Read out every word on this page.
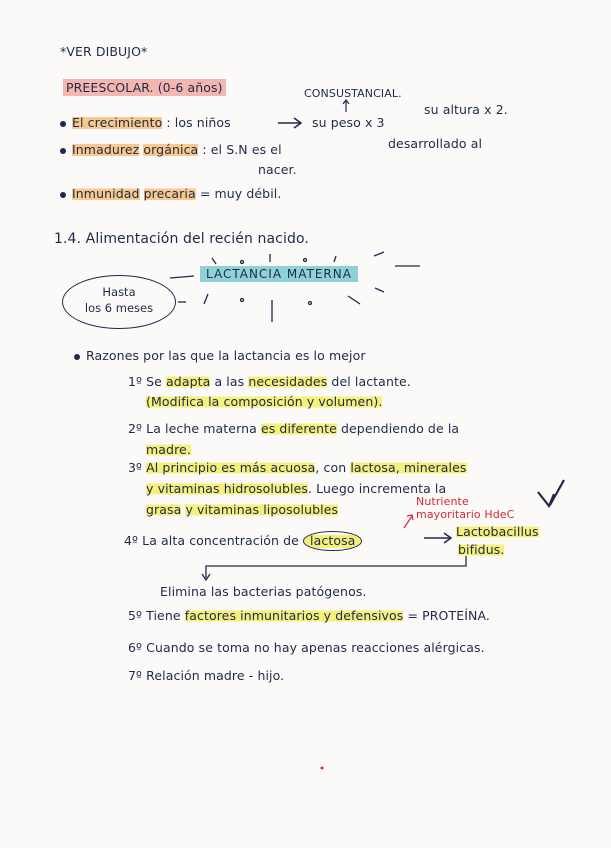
*VER DIBUJO*
PREESCOLAR. (0-6 años)	CONSUSTANCIAL.
El crecimiento : los niños	su peso x 3
su altura x 2.
Inmadurez orgánica : el S.N es el	desarrollado al
nacer.
Inmunidad precaria = muy débil.
1.4. Alimentación del recién nacido.
LACTANCIA MATERNA
Hasta
los 6 meses
Razones por las que la lactancia es lo mejor
1º Se adapta a las necesidades del lactante.
(Modifica la composición y volumen).
2º La leche materna es diferente dependiendo de la
madre.
3º Al principio es más acuosa, con lactosa, minerales
y vitaminas hidrosolubles. Luego incrementa la
grasa y vitaminas liposolubles
Nutriente
mayoritario HdeC
4º La alta concentración de lactosa
Lactobacillus
bifidus.
Elimina las bacterias patógenos.
5º Tiene factores inmunitarios y defensivos = PROTEÍNA.
6º Cuando se toma no hay apenas reacciones alérgicas.
7º Relación madre - hijo.
